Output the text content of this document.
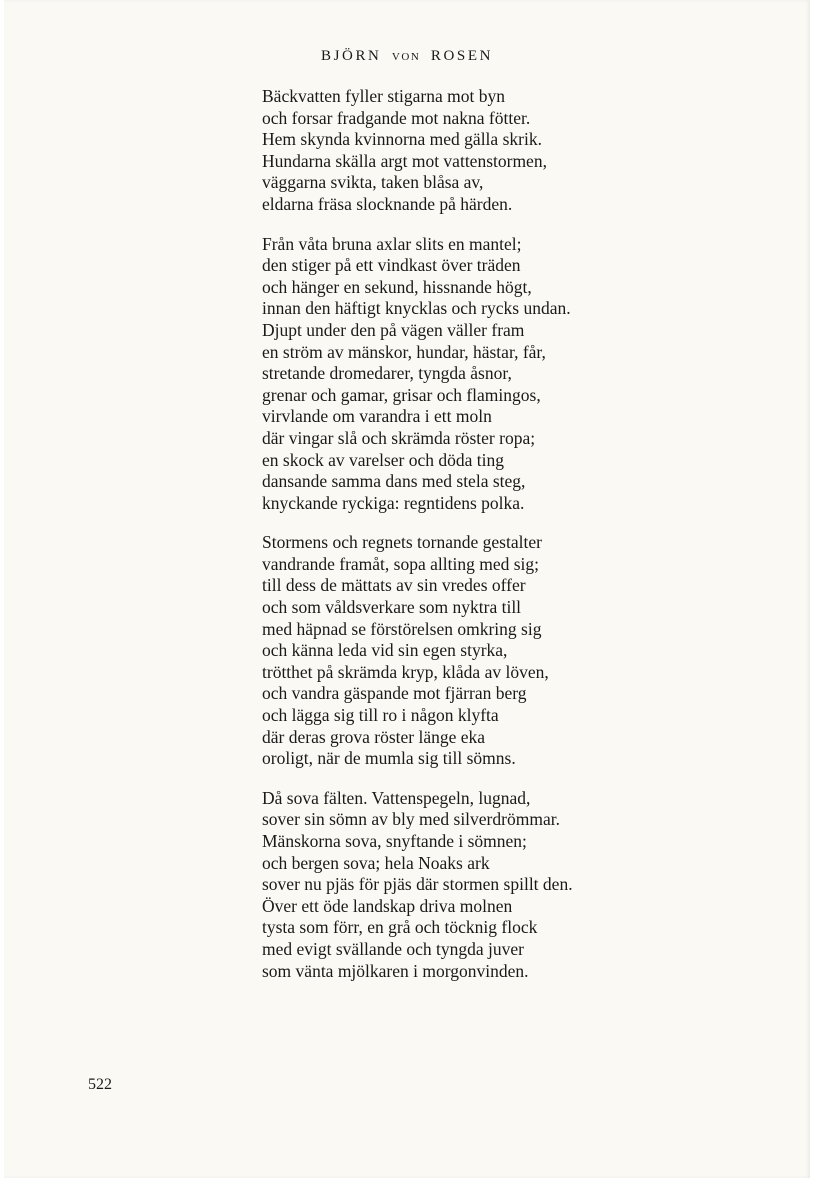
BJÖRN VON ROSEN
Bäckvatten fyller stigarna mot byn
och forsar fradgande mot nakna fötter.
Hem skynda kvinnorna med gälla skrik.
Hundarna skälla argt mot vattenstormen,
väggarna svikta, taken blåsa av,
eldarna fräsa slocknande på härden.
Från våta bruna axlar slits en mantel;
den stiger på ett vindkast över träden
och hänger en sekund, hissnande högt,
innan den häftigt knycklas och rycks undan.
Djupt under den på vägen väller fram
en ström av mänskor, hundar, hästar, får,
stretande dromedarer, tyngda åsnor,
grenar och gamar, grisar och flamingos,
virvlande om varandra i ett moln
där vingar slå och skrämda röster ropa;
en skock av varelser och döda ting
dansande samma dans med stela steg,
knyckande ryckiga: regntidens polka.
Stormens och regnets tornande gestalter
vandrande framåt, sopa allting med sig;
till dess de mättats av sin vredes offer
och som våldsverkare som nyktra till
med häpnad se förstörelsen omkring sig
och känna leda vid sin egen styrka,
trötthet på skrämda kryp, klåda av löven,
och vandra gäspande mot fjärran berg
och lägga sig till ro i någon klyfta
där deras grova röster länge eka
oroligt, när de mumla sig till sömns.
Då sova fälten. Vattenspegeln, lugnad,
sover sin sömn av bly med silverdrömmar.
Mänskorna sova, snyftande i sömnen;
och bergen sova; hela Noaks ark
sover nu pjäs för pjäs där stormen spillt den.
Över ett öde landskap driva molnen
tysta som förr, en grå och töcknig flock
med evigt svällande och tyngda juver
som vänta mjölkaren i morgonvinden.
522
